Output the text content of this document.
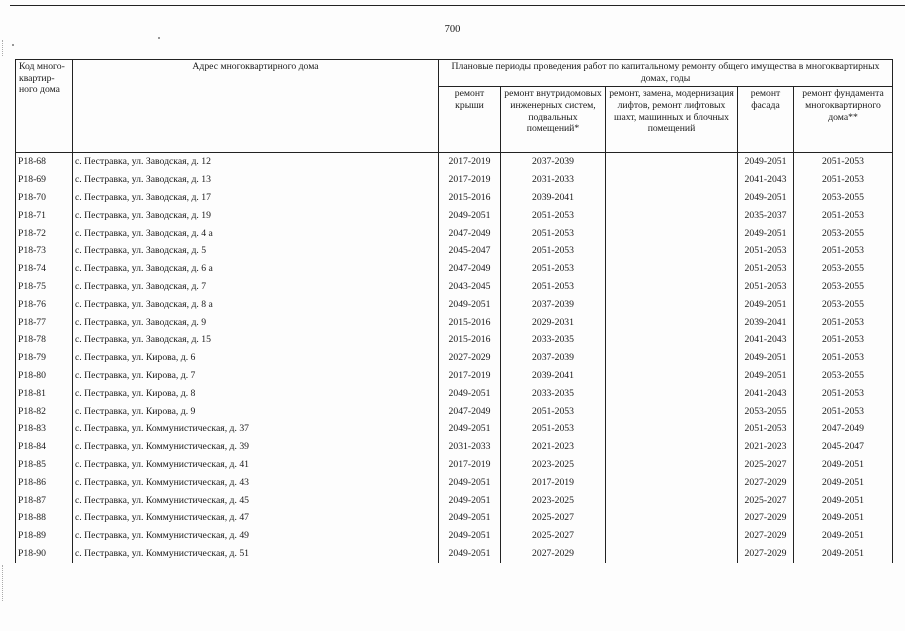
700
Код много-квартир-ного дома	Адрес многоквартирного дома	Плановые периоды проведения работ по капитальному ремонту общего имущества в многоквартирных домах, годы				
		ремонт крыши	ремонт внутридомовых инженерных систем, подвальных помещений*	ремонт, замена, модернизация лифтов, ремонт лифтовых шахт, машинных и блочных помещений	ремонт фасада	ремонт фундамента многоквартирного дома**
P18-68	с. Пестравка, ул. Заводская, д. 12	2017-2019	2037-2039		2049-2051	2051-2053
P18-69	с. Пестравка, ул. Заводская, д. 13	2017-2019	2031-2033		2041-2043	2051-2053
P18-70	с. Пестравка, ул. Заводская, д. 17	2015-2016	2039-2041		2049-2051	2053-2055
P18-71	с. Пестравка, ул. Заводская, д. 19	2049-2051	2051-2053		2035-2037	2051-2053
P18-72	с. Пестравка, ул. Заводская, д. 4 а	2047-2049	2051-2053		2049-2051	2053-2055
P18-73	с. Пестравка, ул. Заводская, д. 5	2045-2047	2051-2053		2051-2053	2051-2053
P18-74	с. Пестравка, ул. Заводская, д. 6 а	2047-2049	2051-2053		2051-2053	2053-2055
P18-75	с. Пестравка, ул. Заводская, д. 7	2043-2045	2051-2053		2051-2053	2053-2055
P18-76	с. Пестравка, ул. Заводская, д. 8 а	2049-2051	2037-2039		2049-2051	2053-2055
P18-77	с. Пестравка, ул. Заводская, д. 9	2015-2016	2029-2031		2039-2041	2051-2053
P18-78	с. Пестравка, ул. Заводская, д. 15	2015-2016	2033-2035		2041-2043	2051-2053
P18-79	с. Пестравка, ул. Кирова, д. 6	2027-2029	2037-2039		2049-2051	2051-2053
P18-80	с. Пестравка, ул. Кирова, д. 7	2017-2019	2039-2041		2049-2051	2053-2055
P18-81	с. Пестравка, ул. Кирова, д. 8	2049-2051	2033-2035		2041-2043	2051-2053
P18-82	с. Пестравка, ул. Кирова, д. 9	2047-2049	2051-2053		2053-2055	2051-2053
P18-83	с. Пестравка, ул. Коммунистическая, д. 37	2049-2051	2051-2053		2051-2053	2047-2049
P18-84	с. Пестравка, ул. Коммунистическая, д. 39	2031-2033	2021-2023		2021-2023	2045-2047
P18-85	с. Пестравка, ул. Коммунистическая, д. 41	2017-2019	2023-2025		2025-2027	2049-2051
P18-86	с. Пестравка, ул. Коммунистическая, д. 43	2049-2051	2017-2019		2027-2029	2049-2051
P18-87	с. Пестравка, ул. Коммунистическая, д. 45	2049-2051	2023-2025		2025-2027	2049-2051
P18-88	с. Пестравка, ул. Коммунистическая, д. 47	2049-2051	2025-2027		2027-2029	2049-2051
P18-89	с. Пестравка, ул. Коммунистическая, д. 49	2049-2051	2025-2027		2027-2029	2049-2051
P18-90	с. Пестравка, ул. Коммунистическая, д. 51	2049-2051	2027-2029		2027-2029	2049-2051
